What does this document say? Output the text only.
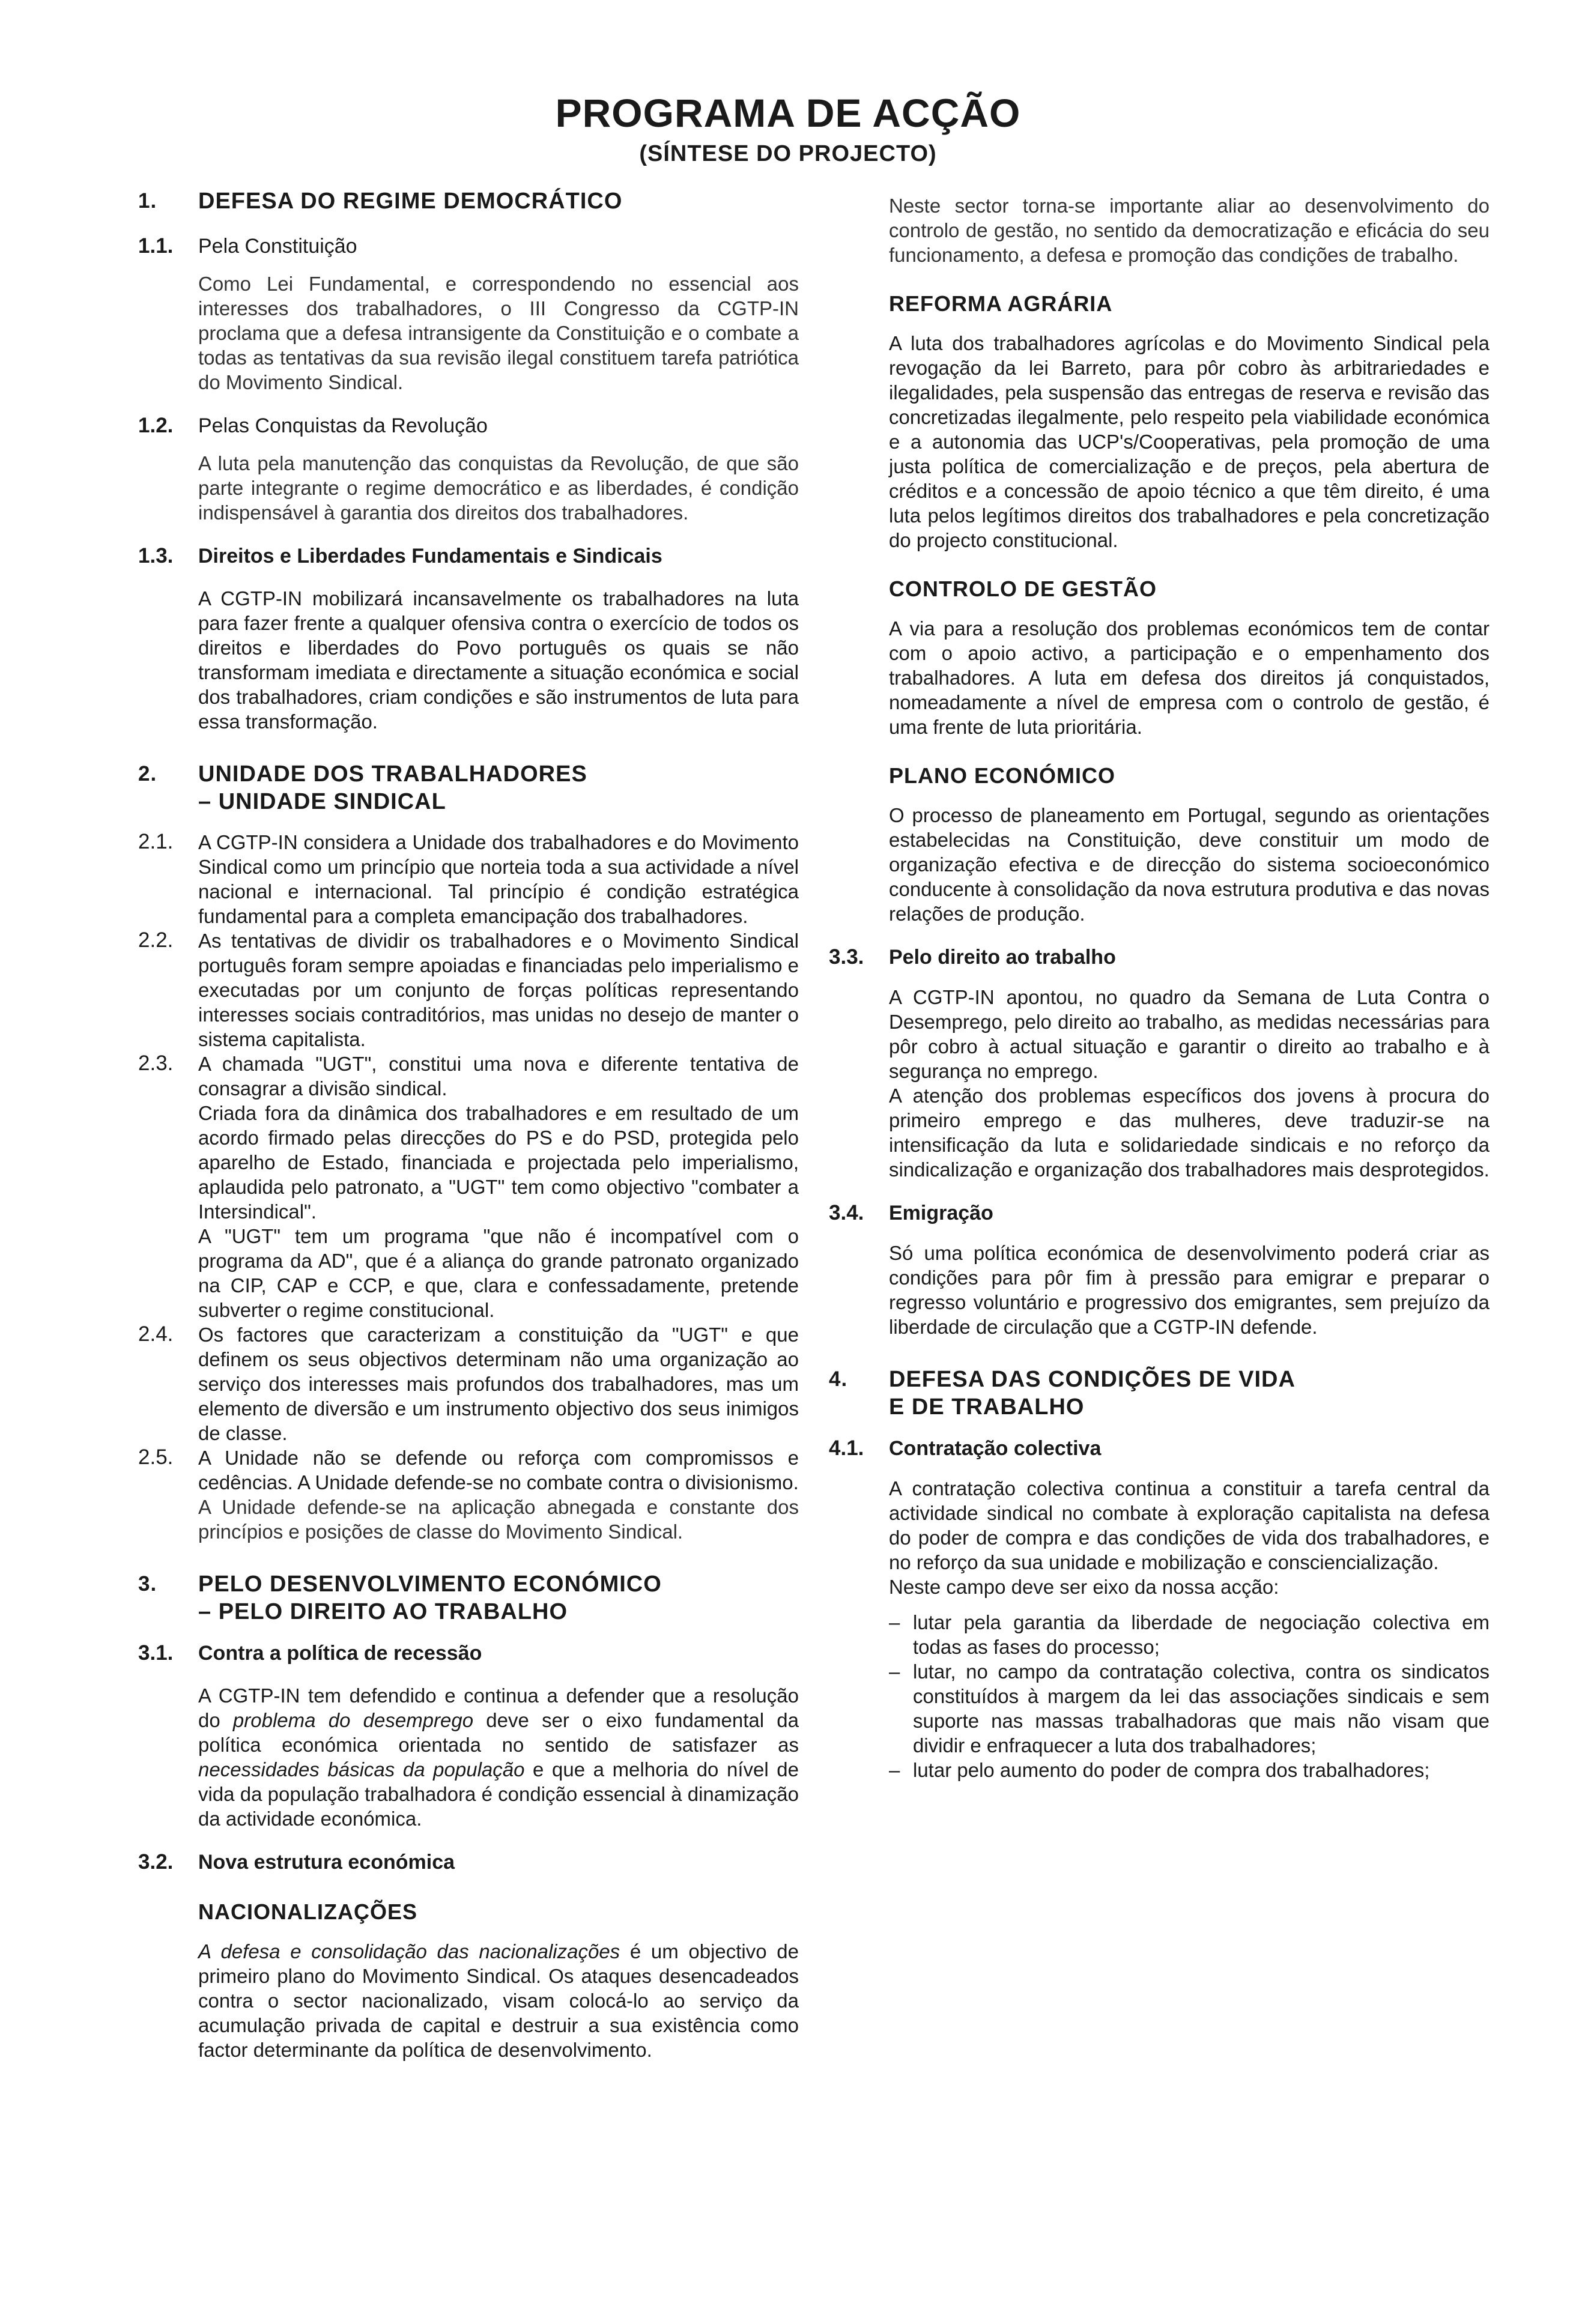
PROGRAMA DE ACÇÃO
(SÍNTESE DO PROJECTO)
1.	DEFESA DO REGIME DEMOCRÁTICO
1.1.	Pela Constituição

Como Lei Fundamental, e correspondendo no essencial aos interesses dos trabalhadores, o III Congresso da CGTP-IN proclama que a defesa intransigente da Constituição e o combate a todas as tentativas da sua revisão ilegal constituem tarefa patriótica do Movimento Sindical.

1.2.	Pelas Conquistas da Revolução

A luta pela manutenção das conquistas da Revolução, de que são parte integrante o regime democrático e as liberdades, é condição indispensável à garantia dos direitos dos trabalhadores.

1.3.	Direitos e Liberdades Fundamentais e Sindicais

A CGTP-IN mobilizará incansavelmente os trabalhadores na luta para fazer frente a qualquer ofensiva contra o exercício de todos os direitos e liberdades do Povo português os quais se não transformam imediata e directamente a situação económica e social dos trabalhadores, criam condições e são instrumentos de luta para essa transformação.

2.	UNIDADE DOS TRABALHADORES
– UNIDADE SINDICAL
2.1.	A CGTP-IN considera a Unidade dos trabalhadores e do Movimento Sindical como um princípio que norteia toda a sua actividade a nível nacional e internacional. Tal princípio é condição estratégica fundamental para a completa emancipação dos trabalhadores.

2.2.	As tentativas de dividir os trabalhadores e o Movimento Sindical português foram sempre apoiadas e financiadas pelo imperialismo e executadas por um conjunto de forças políticas representando interesses sociais contraditórios, mas unidas no desejo de manter o sistema capitalista.

2.3.	A chamada "UGT", constitui uma nova e diferente tentativa de consagrar a divisão sindical.

Criada fora da dinâmica dos trabalhadores e em resultado de um acordo firmado pelas direcções do PS e do PSD, protegida pelo aparelho de Estado, financiada e projectada pelo imperialismo, aplaudida pelo patronato, a "UGT" tem como objectivo "combater a Intersindical".

A "UGT" tem um programa "que não é incompatível com o programa da AD", que é a aliança do grande patronato organizado na CIP, CAP e CCP, e que, clara e confessadamente, pretende subverter o regime constitucional.

2.4.	Os factores que caracterizam a constituição da "UGT" e que definem os seus objectivos determinam não uma organização ao serviço dos interesses mais profundos dos trabalhadores, mas um elemento de diversão e um instrumento objectivo dos seus inimigos de classe.

2.5.	A Unidade não se defende ou reforça com compromissos e cedências. A Unidade defende-se no combate contra o divisionismo.

A Unidade defende-se na aplicação abnegada e constante dos princípios e posições de classe do Movimento Sindical.

3.	PELO DESENVOLVIMENTO ECONÓMICO
– PELO DIREITO AO TRABALHO
3.1.	Contra a política de recessão

A CGTP-IN tem defendido e continua a defender que a resolução do problema do desemprego deve ser o eixo fundamental da política económica orientada no sentido de satisfazer as necessidades básicas da população e que a melhoria do nível de vida da população trabalhadora é condição essencial à dinamização da actividade económica.

3.2.	Nova estrutura económica
NACIONALIZAÇÕES

A defesa e consolidação das nacionalizações é um objectivo de primeiro plano do Movimento Sindical. Os ataques desencadeados contra o sector nacionalizado, visam colocá-lo ao serviço da acumulação privada de capital e destruir a sua existência como factor determinante da política de desenvolvimento.

Neste sector torna-se importante aliar ao desenvolvimento do controlo de gestão, no sentido da democratização e eficácia do seu funcionamento, a defesa e promoção das condições de trabalho.

REFORMA AGRÁRIA

A luta dos trabalhadores agrícolas e do Movimento Sindical pela revogação da lei Barreto, para pôr cobro às arbitrariedades e ilegalidades, pela suspensão das entregas de reserva e revisão das concretizadas ilegalmente, pelo respeito pela viabilidade económica e a autonomia das UCP's/Cooperativas, pela promoção de uma justa política de comercialização e de preços, pela abertura de créditos e a concessão de apoio técnico a que têm direito, é uma luta pelos legítimos direitos dos trabalhadores e pela concretização do projecto constitucional.

CONTROLO DE GESTÃO

A via para a resolução dos problemas económicos tem de contar com o apoio activo, a participação e o empenhamento dos trabalhadores. A luta em defesa dos direitos já conquistados, nomeadamente a nível de empresa com o controlo de gestão, é uma frente de luta prioritária.

PLANO ECONÓMICO

O processo de planeamento em Portugal, segundo as orientações estabelecidas na Constituição, deve constituir um modo de organização efectiva e de direcção do sistema socioeconómico conducente à consolidação da nova estrutura produtiva e das novas relações de produção.

3.3.	Pelo direito ao trabalho

A CGTP-IN apontou, no quadro da Semana de Luta Contra o Desemprego, pelo direito ao trabalho, as medidas necessárias para pôr cobro à actual situação e garantir o direito ao trabalho e à segurança no emprego.

A atenção dos problemas específicos dos jovens à procura do primeiro emprego e das mulheres, deve traduzir-se na intensificação da luta e solidariedade sindicais e no reforço da sindicalização e organização dos trabalhadores mais desprotegidos.

3.4.	Emigração

Só uma política económica de desenvolvimento poderá criar as condições para pôr fim à pressão para emigrar e preparar o regresso voluntário e progressivo dos emigrantes, sem prejuízo da liberdade de circulação que a CGTP-IN defende.

4.	DEFESA DAS CONDIÇÕES DE VIDA
E DE TRABALHO
4.1.	Contratação colectiva

A contratação colectiva continua a constituir a tarefa central da actividade sindical no combate à exploração capitalista na defesa do poder de compra e das condições de vida dos trabalhadores, e no reforço da sua unidade e mobilização e consciencialização.

Neste campo deve ser eixo da nossa acção:

– lutar pela garantia da liberdade de negociação colectiva em todas as fases do processo;
– lutar, no campo da contratação colectiva, contra os sindicatos constituídos à margem da lei das associações sindicais e sem suporte nas massas trabalhadoras que mais não visam que dividir e enfraquecer a luta dos trabalhadores;
– lutar pelo aumento do poder de compra dos trabalhadores;
